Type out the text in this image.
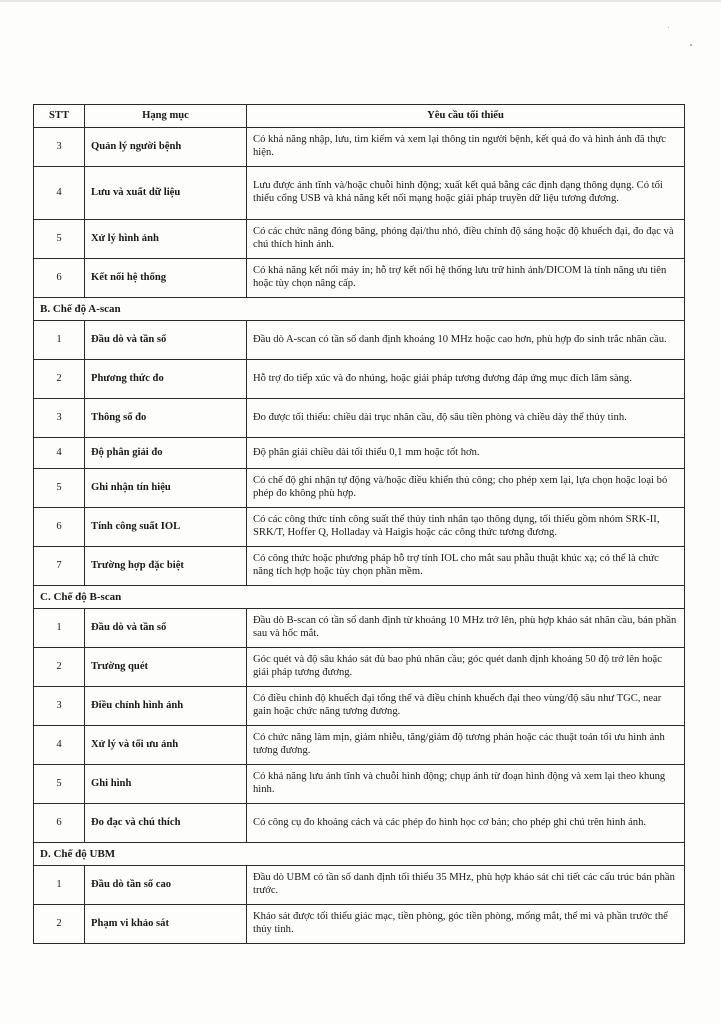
STT	Hạng mục	Yêu cầu tối thiểu
3	Quản lý người bệnh	Có khả năng nhập, lưu, tìm kiếm và xem lại thông tin người bệnh, kết quả đo và hình ảnh đã thực hiện.
4	Lưu và xuất dữ liệu	Lưu được ảnh tĩnh và/hoặc chuỗi hình động; xuất kết quả bằng các định dạng thông dụng. Có tối thiểu cổng USB và khả năng kết nối mạng hoặc giải pháp truyền dữ liệu tương đương.
5	Xử lý hình ảnh	Có các chức năng đóng băng, phóng đại/thu nhỏ, điều chỉnh độ sáng hoặc độ khuếch đại, đo đạc và chú thích hình ảnh.
6	Kết nối hệ thống	Có khả năng kết nối máy in; hỗ trợ kết nối hệ thống lưu trữ hình ảnh/DICOM là tính năng ưu tiên hoặc tùy chọn nâng cấp.
B. Chế độ A-scan		
1	Đầu dò và tần số	Đầu dò A-scan có tần số danh định khoảng 10 MHz hoặc cao hơn, phù hợp đo sinh trắc nhãn cầu.
2	Phương thức đo	Hỗ trợ đo tiếp xúc và đo nhúng, hoặc giải pháp tương đương đáp ứng mục đích lâm sàng.
3	Thông số đo	Đo được tối thiểu: chiều dài trục nhãn cầu, độ sâu tiền phòng và chiều dày thể thủy tinh.
4	Độ phân giải đo	Độ phân giải chiều dài tối thiểu 0,1 mm hoặc tốt hơn.
5	Ghi nhận tín hiệu	Có chế độ ghi nhận tự động và/hoặc điều khiển thủ công; cho phép xem lại, lựa chọn hoặc loại bỏ phép đo không phù hợp.
6	Tính công suất IOL	Có các công thức tính công suất thể thủy tinh nhân tạo thông dụng, tối thiểu gồm nhóm SRK-II, SRK/T, Hoffer Q, Holladay và Haigis hoặc các công thức tương đương.
7	Trường hợp đặc biệt	Có công thức hoặc phương pháp hỗ trợ tính IOL cho mắt sau phẫu thuật khúc xạ; có thể là chức năng tích hợp hoặc tùy chọn phần mềm.
C. Chế độ B-scan		
1	Đầu dò và tần số	Đầu dò B-scan có tần số danh định từ khoảng 10 MHz trở lên, phù hợp khảo sát nhãn cầu, bán phần sau và hốc mắt.
2	Trường quét	Góc quét và độ sâu khảo sát đủ bao phủ nhãn cầu; góc quét danh định khoảng 50 độ trở lên hoặc giải pháp tương đương.
3	Điều chỉnh hình ảnh	Có điều chỉnh độ khuếch đại tổng thể và điều chỉnh khuếch đại theo vùng/độ sâu như TGC, near gain hoặc chức năng tương đương.
4	Xử lý và tối ưu ảnh	Có chức năng làm mịn, giảm nhiễu, tăng/giảm độ tương phản hoặc các thuật toán tối ưu hình ảnh tương đương.
5	Ghi hình	Có khả năng lưu ảnh tĩnh và chuỗi hình động; chụp ảnh từ đoạn hình động và xem lại theo khung hình.
6	Đo đạc và chú thích	Có công cụ đo khoảng cách và các phép đo hình học cơ bản; cho phép ghi chú trên hình ảnh.
D. Chế độ UBM		
1	Đầu dò tần số cao	Đầu dò UBM có tần số danh định tối thiểu 35 MHz, phù hợp khảo sát chi tiết các cấu trúc bán phần trước.
2	Phạm vi khảo sát	Khảo sát được tối thiểu giác mạc, tiền phòng, góc tiền phòng, mống mắt, thể mi và phần trước thể thủy tinh.
